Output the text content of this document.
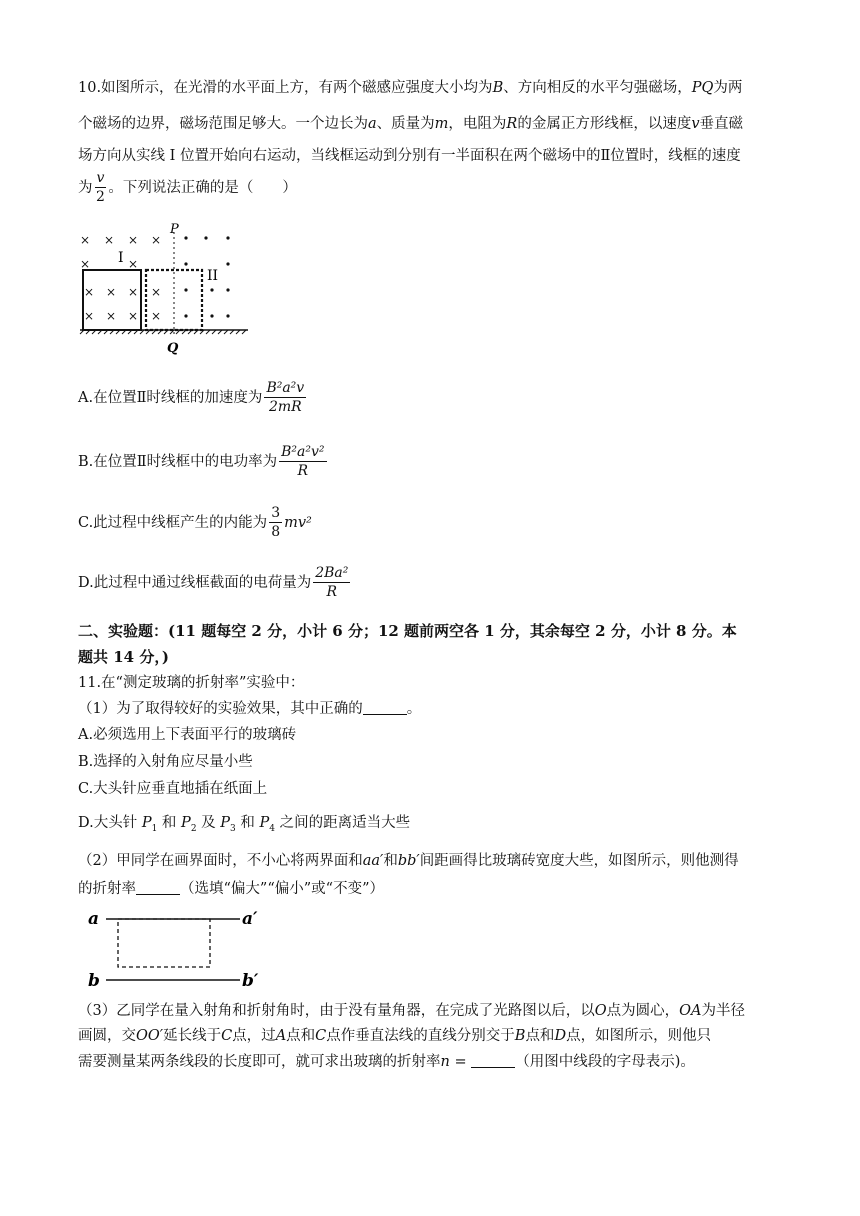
10.如图所示，在光滑的水平面上方，有两个磁感应强度大小均为B、方向相反的水平匀强磁场，PQ为两
个磁场的边界，磁场范围足够大。一个边长为a、质量为m，电阻为R的金属正方形线框，以速度v垂直磁
场方向从实线 I 位置开始向右运动，当线框运动到分别有一半面积在两个磁场中的Ⅱ位置时，线框的速度
为 $\frac{v}{2}$ 。下列说法正确的是（　　）
× × × ×
×	×
× × × ×
× × × ×
P
Q
I
II
A.在位置Ⅱ时线框的加速度为 $\frac{\text{B²a²v}}{2mR}$
B.在位置Ⅱ时线框中的电功率为 $\frac{\text{B²a²v²}}{R}$
C.此过程中线框产生的内能为 $\frac{3}{8} mv^2$
D.此过程中通过线框截面的电荷量为 $\frac{\text{2Ba²}}{R}$
二、实验题：(11 题每空 2 分，小计 6 分；12 题前两空各 1 分，其余每空 2 分，小计 8 分。本
题共 14 分，)
11.在“测定玻璃的折射率”实验中：
（1）为了取得较好的实验效果，其中正确的	。
A.必须选用上下表面平行的玻璃砖
B.选择的入射角应尽量小些
C.大头针应垂直地插在纸面上
D.大头针 $P_1$ 和 $P_2$ 及 $P_3$ 和 $P_4$ 之间的距离适当大些
（2）甲同学在画界面时，不小心将两界面和aa′和bb′间距画得比玻璃砖宽度大些，如图所示，则他测得
的折射率	（选填“偏大”“偏小”或“不变”）
a	a′
b	b′
（3）乙同学在量入射角和折射角时，由于没有量角器，在完成了光路图以后，以O点为圆心，OA为半径
画圆，交OO′延长线于C点，过A点和C点作垂直法线的直线分别交于B点和D点，如图所示，则他只
需要测量某两条线段的长度即可，就可求出玻璃的折射率n =	（用图中线段的字母表示)。
